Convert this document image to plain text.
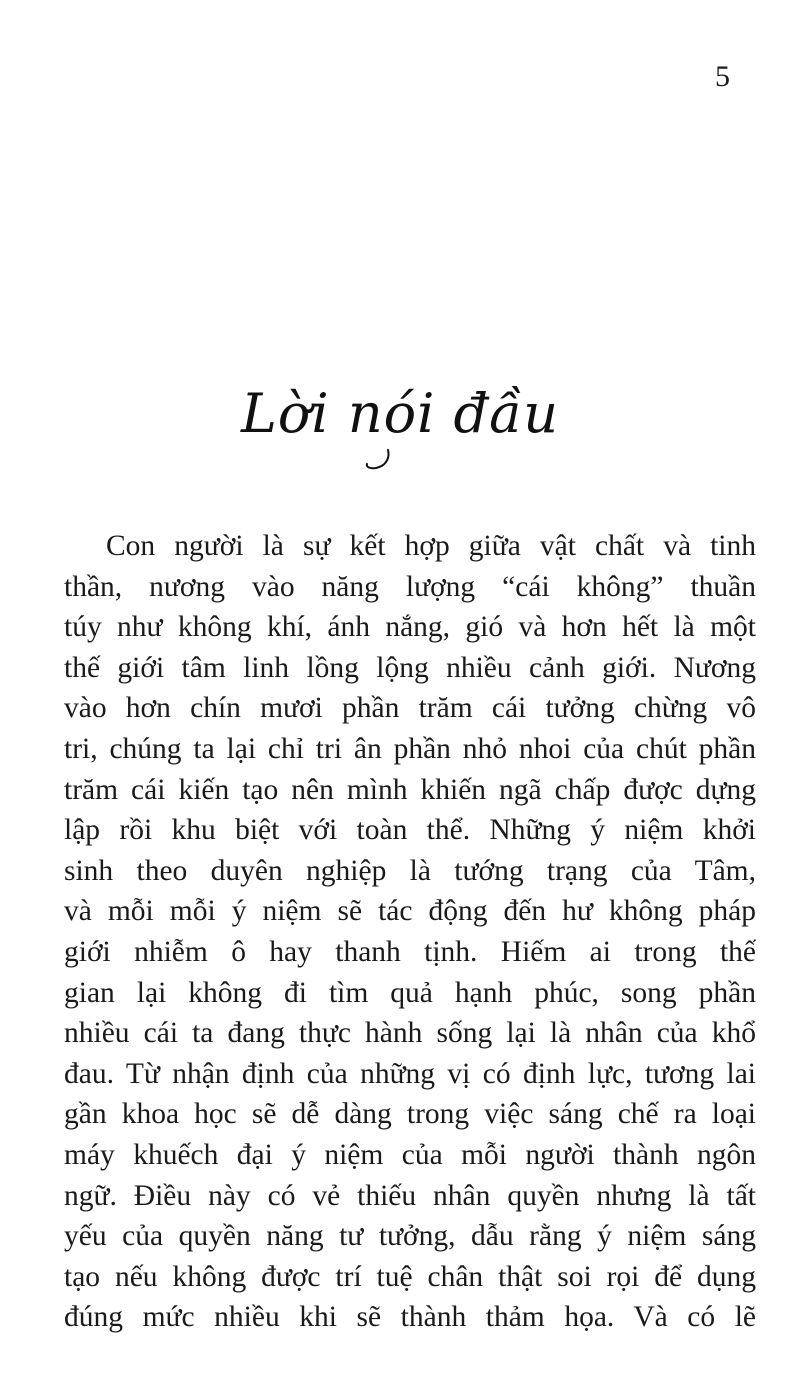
5
Lời nói đầu
Con người là sự kết hợp giữa vật chất và tinh
thần, nương vào năng lượng “cái không” thuần
túy như không khí, ánh nắng, gió và hơn hết là một
thế giới tâm linh lồng lộng nhiều cảnh giới. Nương
vào hơn chín mươi phần trăm cái tưởng chừng vô
tri, chúng ta lại chỉ tri ân phần nhỏ nhoi của chút phần
trăm cái kiến tạo nên mình khiến ngã chấp được dựng
lập rồi khu biệt với toàn thể. Những ý niệm khởi
sinh theo duyên nghiệp là tướng trạng của Tâm,
và mỗi mỗi ý niệm sẽ tác động đến hư không pháp
giới nhiễm ô hay thanh tịnh. Hiếm ai trong thế
gian lại không đi tìm quả hạnh phúc, song phần
nhiều cái ta đang thực hành sống lại là nhân của khổ
đau. Từ nhận định của những vị có định lực, tương lai
gần khoa học sẽ dễ dàng trong việc sáng chế ra loại
máy khuếch đại ý niệm của mỗi người thành ngôn
ngữ. Điều này có vẻ thiếu nhân quyền nhưng là tất
yếu của quyền năng tư tưởng, dẫu rằng ý niệm sáng
tạo nếu không được trí tuệ chân thật soi rọi để dụng
đúng mức nhiều khi sẽ thành thảm họa. Và có lẽ
